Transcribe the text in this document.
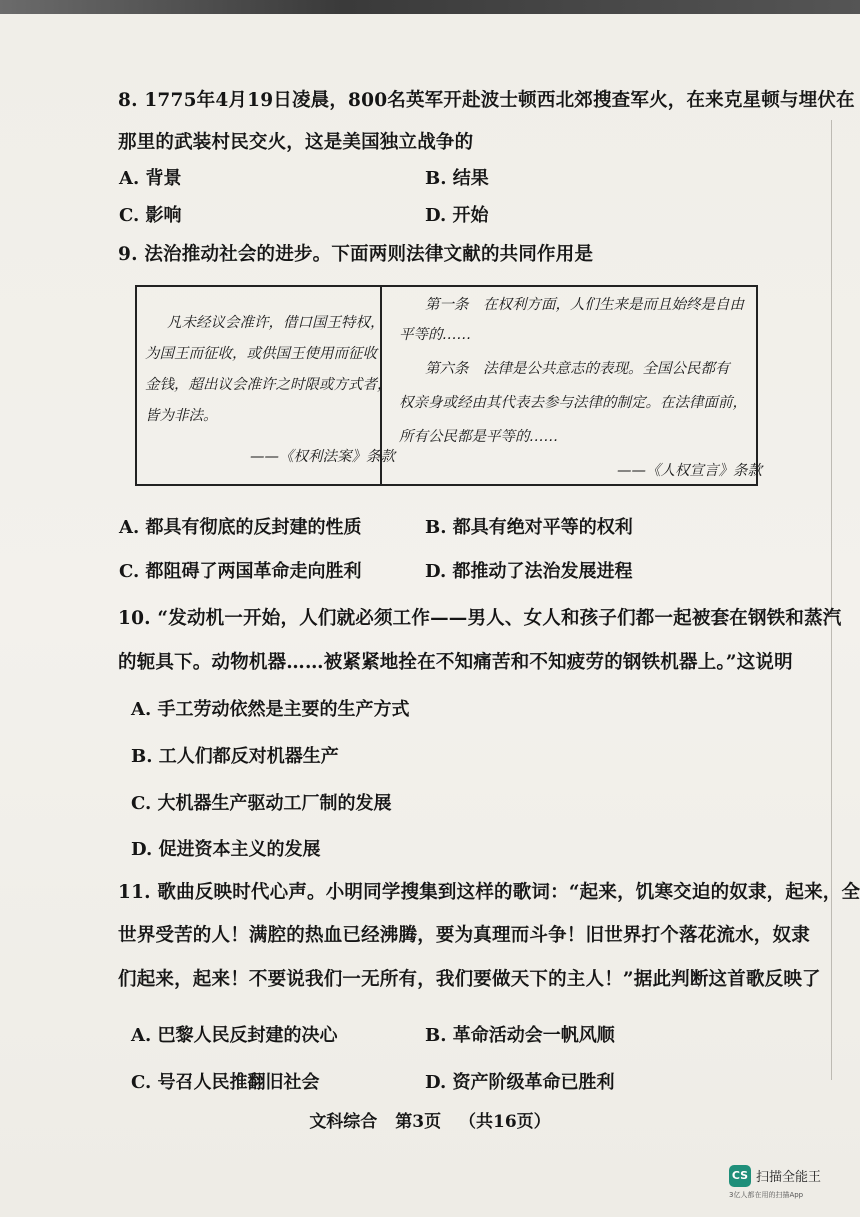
8. 1775年4月19日凌晨，800名英军开赴波士顿西北郊搜查军火，在来克星顿与埋伏在
那里的武装村民交火，这是美国独立战争的
A. 背景	B. 结果
C. 影响	D. 开始
9. 法治推动社会的进步。下面两则法律文献的共同作用是
凡未经议会准许，借口国王特权，
为国王而征收，或供国王使用而征收
金钱，超出议会准许之时限或方式者，
皆为非法。
——《权利法案》条款
第一条　在权利方面，人们生来是而且始终是自由
平等的……
第六条　法律是公共意志的表现。全国公民都有
权亲身或经由其代表去参与法律的制定。在法律面前，
所有公民都是平等的……
——《人权宣言》条款
A. 都具有彻底的反封建的性质	B. 都具有绝对平等的权利
C. 都阻碍了两国革命走向胜利	D. 都推动了法治发展进程
10. “发动机一开始，人们就必须工作——男人、女人和孩子们都一起被套在钢铁和蒸汽
的轭具下。动物机器……被紧紧地拴在不知痛苦和不知疲劳的钢铁机器上。”这说明
A. 手工劳动依然是主要的生产方式
B. 工人们都反对机器生产
C. 大机器生产驱动工厂制的发展
D. 促进资本主义的发展
11. 歌曲反映时代心声。小明同学搜集到这样的歌词：“起来，饥寒交迫的奴隶，起来，全
世界受苦的人！满腔的热血已经沸腾，要为真理而斗争！旧世界打个落花流水，奴隶
们起来，起来！不要说我们一无所有，我们要做天下的主人！”据此判断这首歌反映了
A. 巴黎人民反封建的决心	B. 革命活动会一帆风顺
C. 号召人民推翻旧社会	D. 资产阶级革命已胜利
文科综合 第3页 （共16页）
CS 扫描全能王
3亿人都在用的扫描App
